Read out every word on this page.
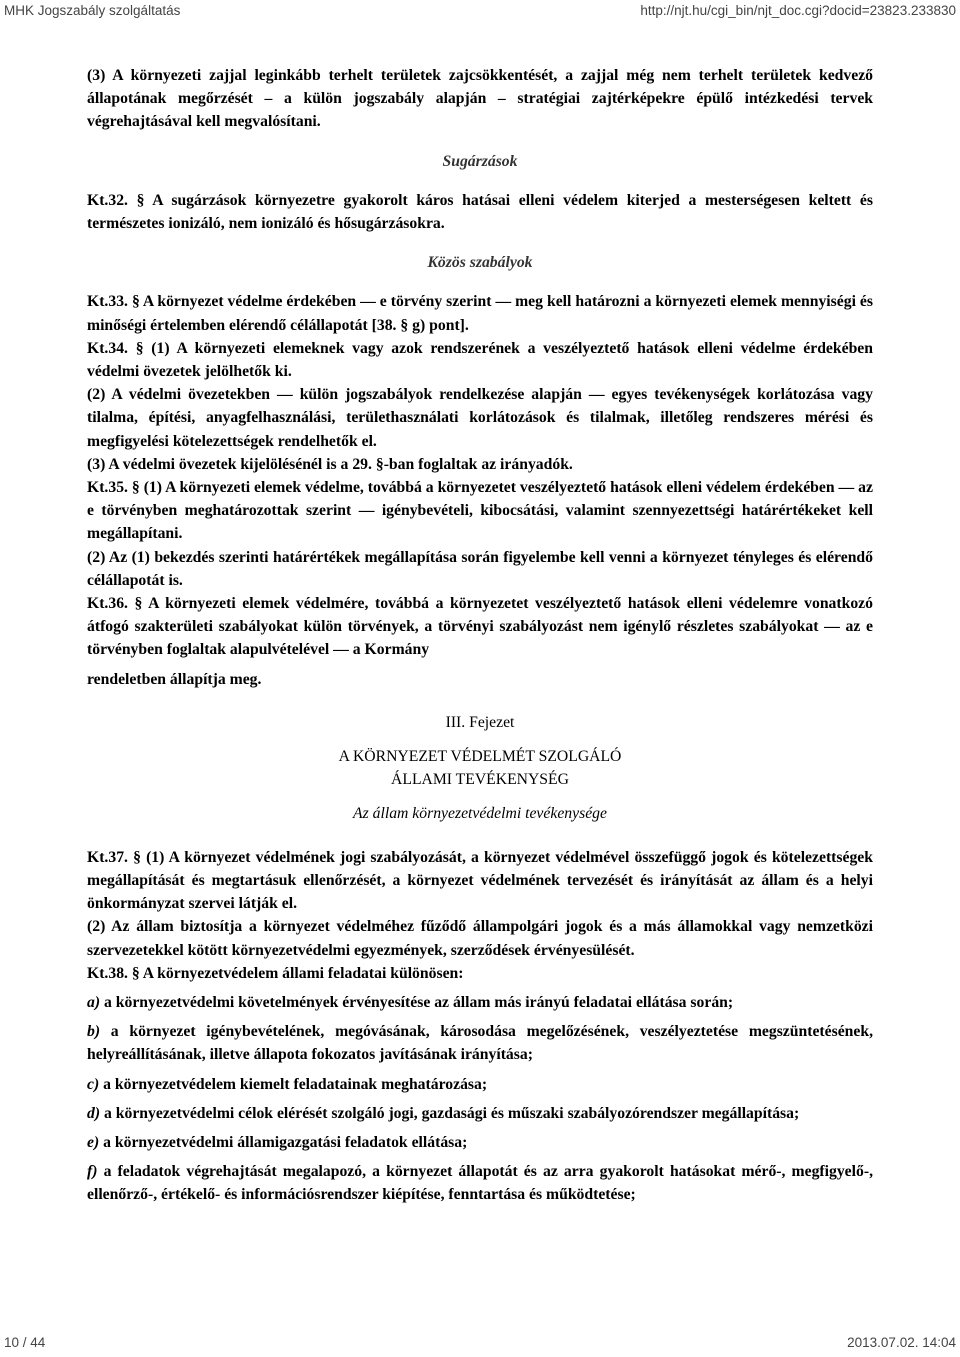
MHK Jogszabály szolgáltatás	http://njt.hu/cgi_bin/njt_doc.cgi?docid=23823.233830

(3) A környezeti zajjal leginkább terhelt területek zajcsökkentését, a zajjal még nem terhelt területek kedvező állapotának megőrzését – a külön jogszabály alapján – stratégiai zajtérképekre épülő intézkedési tervek végrehajtásával kell megvalósítani.

Sugárzások

Kt.32. § A sugárzások környezetre gyakorolt káros hatásai elleni védelem kiterjed a mesterségesen keltett és természetes ionizáló, nem ionizáló és hősugárzásokra.

Közös szabályok

Kt.33. § A környezet védelme érdekében — e törvény szerint — meg kell határozni a környezeti elemek mennyiségi és minőségi értelemben elérendő célállapotát [38. § g) pont].

Kt.34. § (1) A környezeti elemeknek vagy azok rendszerének a veszélyeztető hatások elleni védelme érdekében védelmi övezetek jelölhetők ki.

(2) A védelmi övezetekben — külön jogszabályok rendelkezése alapján — egyes tevékenységek korlátozása vagy tilalma, építési, anyagfelhasználási, területhasználati korlátozások és tilalmak, illetőleg rendszeres mérési és megfigyelési kötelezettségek rendelhetők el.

(3) A védelmi övezetek kijelölésénél is a 29. §-ban foglaltak az irányadók.

Kt.35. § (1) A környezeti elemek védelme, továbbá a környezetet veszélyeztető hatások elleni védelem érdekében — az e törvényben meghatározottak szerint — igénybevételi, kibocsátási, valamint szennyezettségi határértékeket kell megállapítani.

(2) Az (1) bekezdés szerinti határértékek megállapítása során figyelembe kell venni a környezet tényleges és elérendő célállapotát is.

Kt.36. § A környezeti elemek védelmére, továbbá a környezetet veszélyeztető hatások elleni védelemre vonatkozó átfogó szakterületi szabályokat külön törvények, a törvényi szabályozást nem igénylő részletes szabályokat — az e törvényben foglaltak alapulvételével — a Kormány

rendeletben állapítja meg.

III. Fejezet

A KÖRNYEZET VÉDELMÉT SZOLGÁLÓ

ÁLLAMI TEVÉKENYSÉG

Az állam környezetvédelmi tevékenysége

Kt.37. § (1) A környezet védelmének jogi szabályozását, a környezet védelmével összefüggő jogok és kötelezettségek megállapítását és megtartásuk ellenőrzését, a környezet védelmének tervezését és irányítását az állam és a helyi önkormányzat szervei látják el.

(2) Az állam biztosítja a környezet védelméhez fűződő állampolgári jogok és a más államokkal vagy nemzetközi szervezetekkel kötött környezetvédelmi egyezmények, szerződések érvényesülését.

Kt.38. § A környezetvédelem állami feladatai különösen:

a) a környezetvédelmi követelmények érvényesítése az állam más irányú feladatai ellátása során;

b) a környezet igénybevételének, megóvásának, károsodása megelőzésének, veszélyeztetése megszüntetésének, helyreállításának, illetve állapota fokozatos javításának irányítása;

c) a környezetvédelem kiemelt feladatainak meghatározása;

d) a környezetvédelmi célok elérését szolgáló jogi, gazdasági és műszaki szabályozórendszer megállapítása;

e) a környezetvédelmi államigazgatási feladatok ellátása;

f) a feladatok végrehajtását megalapozó, a környezet állapotát és az arra gyakorolt hatásokat mérő-, megfigyelő-, ellenőrző-, értékelő- és információsrendszer kiépítése, fenntartása és működtetése;

10 / 44	2013.07.02. 14:04
